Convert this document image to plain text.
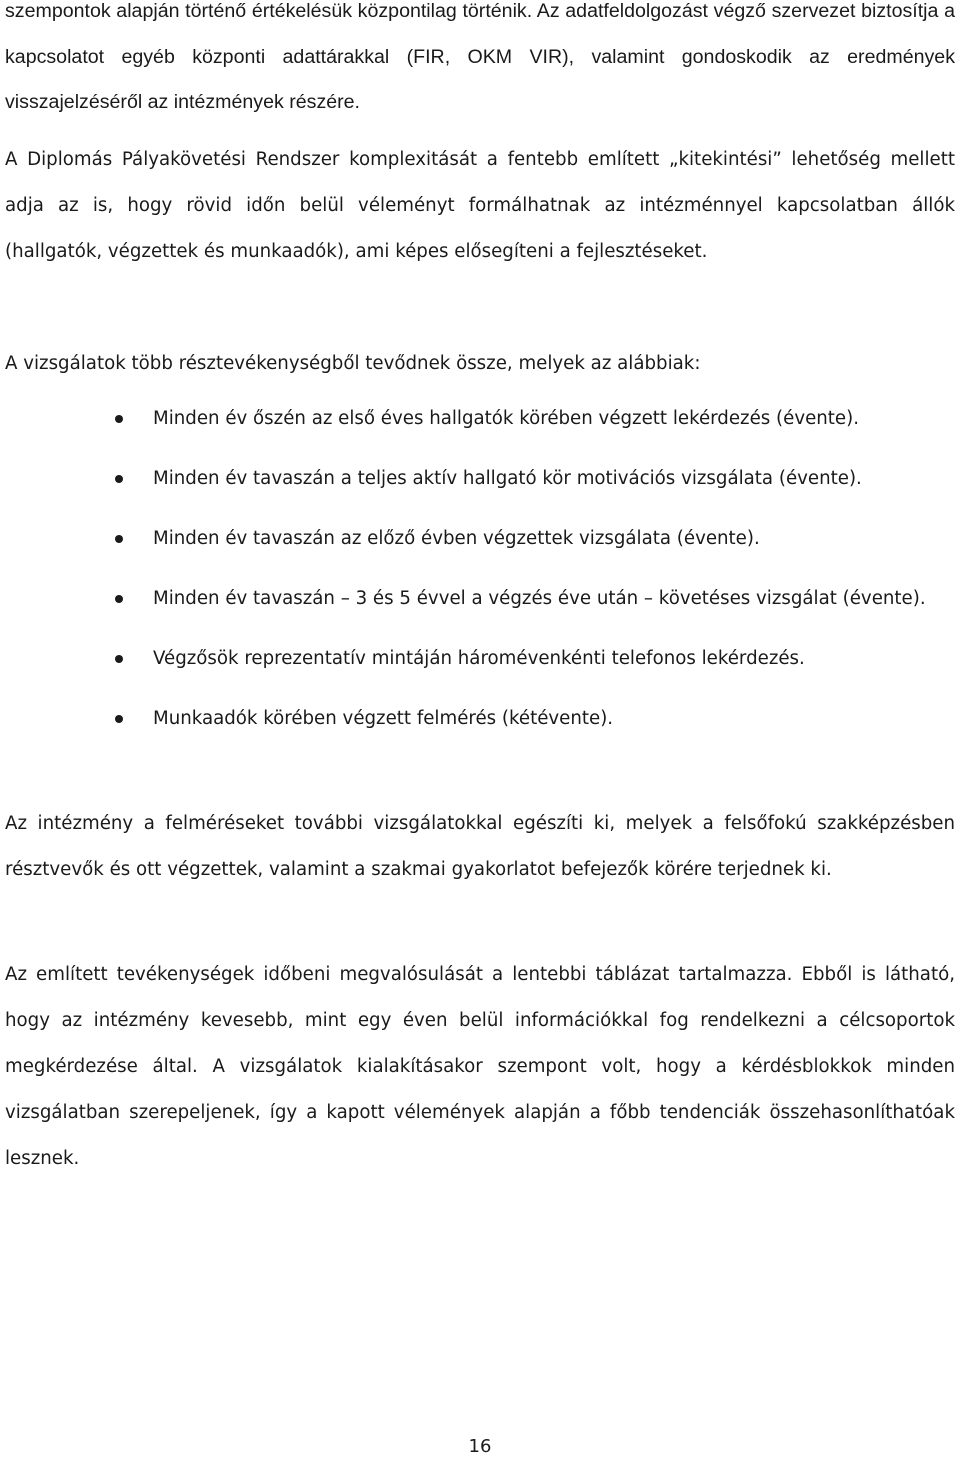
szempontok alapján történő értékelésük központilag történik. Az adatfeldolgozást végző szervezet biztosítja a kapcsolatot egyéb központi adattárakkal (FIR, OKM VIR), valamint gondoskodik az eredmények visszajelzéséről az intézmények részére.

A Diplomás Pályakövetési Rendszer komplexitását a fentebb említett „kitekintési” lehetőség mellett adja az is, hogy rövid időn belül véleményt formálhatnak az intézménnyel kapcsolatban állók (hallgatók, végzettek és munkaadók), ami képes elősegíteni a fejlesztéseket.

A vizsgálatok több résztevékenységből tevődnek össze, melyek az alábbiak:

Minden év őszén az első éves hallgatók körében végzett lekérdezés (évente).
Minden év tavaszán a teljes aktív hallgató kör motivációs vizsgálata (évente).
Minden év tavaszán az előző évben végzettek vizsgálata (évente).
Minden év tavaszán – 3 és 5 évvel a végzés éve után – követéses vizsgálat (évente).
Végzősök reprezentatív mintáján háromévenkénti telefonos lekérdezés.
Munkaadók körében végzett felmérés (kétévente).

Az intézmény a felméréseket további vizsgálatokkal egészíti ki, melyek a felsőfokú szakképzésben résztvevők és ott végzettek, valamint a szakmai gyakorlatot befejezők körére terjednek ki.

Az említett tevékenységek időbeni megvalósulását a lentebbi táblázat tartalmazza. Ebből is látható, hogy az intézmény kevesebb, mint egy éven belül információkkal fog rendelkezni a célcsoportok megkérdezése által. A vizsgálatok kialakításakor szempont volt, hogy a kérdésblokkok minden vizsgálatban szerepeljenek, így a kapott vélemények alapján a főbb tendenciák összehasonlíthatóak lesznek.

16
